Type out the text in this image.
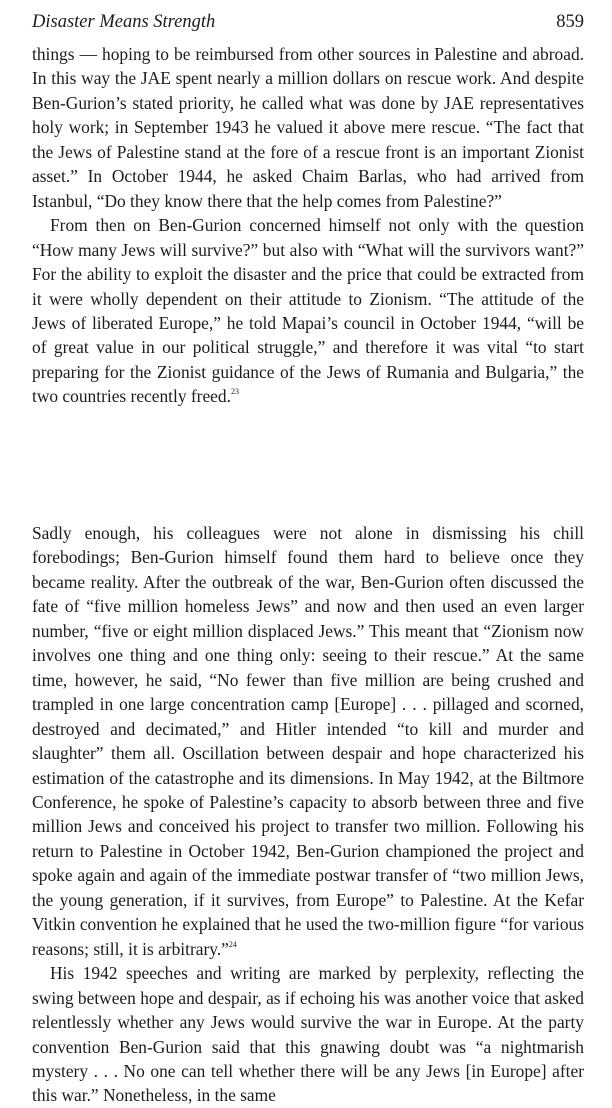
Disaster Means Strength	859

things — hoping to be reimbursed from other sources in Palestine and abroad. In this way the JAE spent nearly a million dollars on rescue work. And despite Ben-Gurion’s stated priority, he called what was done by JAE representatives holy work; in September 1943 he valued it above mere rescue. “The fact that the Jews of Palestine stand at the fore of a rescue front is an important Zionist asset.” In October 1944, he asked Chaim Barlas, who had arrived from Istanbul, “Do they know there that the help comes from Palestine?”

From then on Ben-Gurion concerned himself not only with the question “How many Jews will survive?” but also with “What will the survivors want?” For the ability to exploit the disaster and the price that could be extracted from it were wholly dependent on their attitude to Zionism. “The attitude of the Jews of liberated Europe,” he told Mapai’s council in October 1944, “will be of great value in our political struggle,” and therefore it was vital “to start preparing for the Zionist guidance of the Jews of Rumania and Bulgaria,” the two countries recently freed.$^{23}$

Sadly enough, his colleagues were not alone in dismissing his chill forebodings; Ben-Gurion himself found them hard to believe once they became reality. After the outbreak of the war, Ben-Gurion often discussed the fate of “five million homeless Jews” and now and then used an even larger number, “five or eight million displaced Jews.” This meant that “Zionism now involves one thing and one thing only: seeing to their rescue.” At the same time, however, he said, “No fewer than five million are being crushed and trampled in one large concentration camp [Europe] . . . pillaged and scorned, destroyed and decimated,” and Hitler intended “to kill and murder and slaughter” them all. Oscillation between despair and hope characterized his estimation of the catastrophe and its dimensions. In May 1942, at the Biltmore Conference, he spoke of Palestine’s capacity to absorb between three and five million Jews and conceived his project to transfer two million. Following his return to Palestine in October 1942, Ben-Gurion championed the project and spoke again and again of the immediate postwar transfer of “two million Jews, the young generation, if it survives, from Europe” to Palestine. At the Kefar Vitkin convention he explained that he used the two-million figure “for various reasons; still, it is arbitrary.”$^{24}$

His 1942 speeches and writing are marked by perplexity, reflecting the swing between hope and despair, as if echoing his was another voice that asked relentlessly whether any Jews would survive the war in Europe. At the party convention Ben-Gurion said that this gnawing doubt was “a nightmarish mystery . . . No one can tell whether there will be any Jews [in Europe] after this war.” Nonetheless, in the same
